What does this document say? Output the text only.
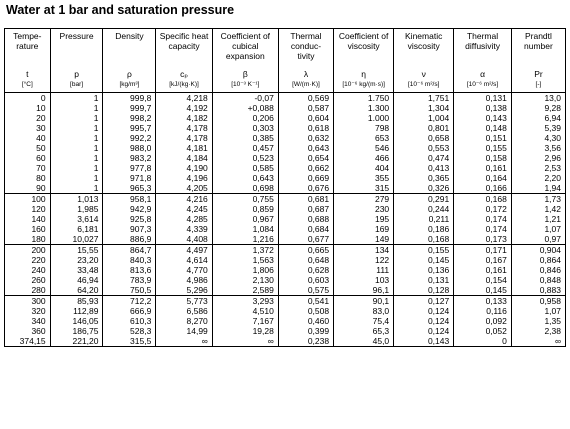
Water at 1 bar and saturation pressure
Tempe- rature	Pressure	Density	Specific heat capacity	Coefficient of cubical expansion	Thermal conduc- tivity	Coefficient of viscosity	Kinematic viscosity	Thermal diffusivity	Prandtl number
t	p	ρ	cₚ	β	λ	η	ν	α	Pr
[°C]	[bar]	[kg/m³]	[kJ/(kg·K)]	[10⁻³ K⁻¹]	[W/(m·K)]	[10⁻⁶ kg/(m·s)]	[10⁻⁶ m²/s]	[10⁻⁶ m²/s]	[-]
0	1	999,8	4,218	-0,07	0,569	1.750	1,751	0,131	13,0
10	1	999,7	4,192	+0,088	0,587	1.300	1,304	0,138	9,28
20	1	998,2	4,182	0,206	0,604	1.000	1,004	0,143	6,94
30	1	995,7	4,178	0,303	0,618	798	0,801	0,148	5,39
40	1	992,2	4,178	0,385	0,632	653	0,658	0,151	4,30
50	1	988,0	4,181	0,457	0,643	546	0,553	0,155	3,56
60	1	983,2	4,184	0,523	0,654	466	0,474	0,158	2,96
70	1	977,8	4,190	0,585	0,662	404	0,413	0,161	2,53
80	1	971,8	4,196	0,643	0,669	355	0,365	0,164	2,20
90	1	965,3	4,205	0,698	0,676	315	0,326	0,166	1,94
100	1,013	958,1	4,216	0,755	0,681	279	0,291	0,168	1,73
120	1,985	942,9	4,245	0,859	0,687	230	0,244	0,172	1,42
140	3,614	925,8	4,285	0,967	0,688	195	0,211	0,174	1,21
160	6,181	907,3	4,339	1,084	0,684	169	0,186	0,174	1,07
180	10,027	886,9	4,408	1,216	0,677	149	0,168	0,173	0,97
200	15,55	864,7	4,497	1,372	0,665	134	0,155	0,171	0,904
220	23,20	840,3	4,614	1,563	0,648	122	0,145	0,167	0,864
240	33,48	813,6	4,770	1,806	0,628	111	0,136	0,161	0,846
260	46,94	783,9	4,986	2,130	0,603	103	0,131	0,154	0,848
280	64,20	750,5	5,296	2,589	0,575	96,1	0,128	0,145	0,883
300	85,93	712,2	5,773	3,293	0,541	90,1	0,127	0,133	0,958
320	112,89	666,9	6,586	4,510	0,508	83,0	0,124	0,116	1,07
340	146,05	610,3	8,270	7,167	0,460	75,4	0,124	0,092	1,35
360	186,75	528,3	14,99	19,28	0,399	65,3	0,124	0,052	2,38
374,15	221,20	315,5	∞	∞	0,238	45,0	0,143	0	∞
